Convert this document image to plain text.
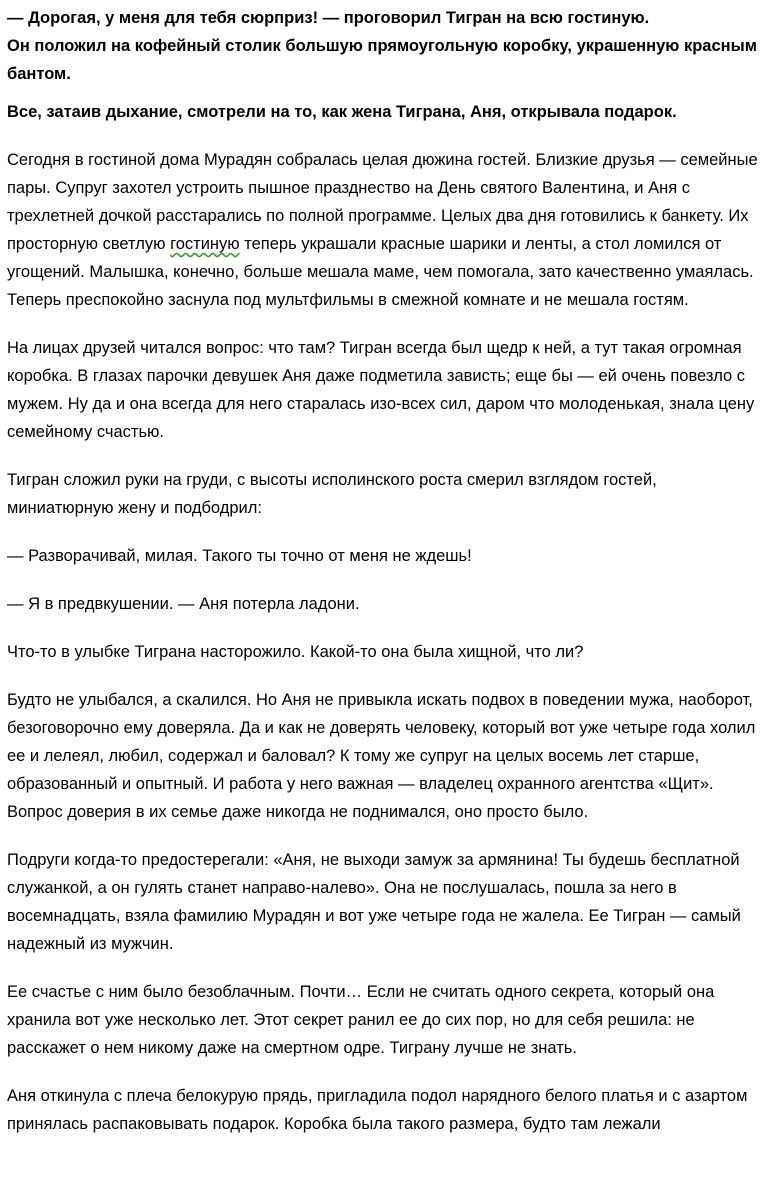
— Дорогая, у меня для тебя сюрприз! — проговорил Тигран на всю гостиную.

Он положил на кофейный столик большую прямоугольную коробку, украшенную красным бантом.

Все, затаив дыхание, смотрели на то, как жена Тиграна, Аня, открывала подарок.

Сегодня в гостиной дома Мурадян собралась целая дюжина гостей. Близкие друзья — семейные пары. Супруг захотел устроить пышное празднество на День святого Валентина, и Аня с трехлетней дочкой расстарались по полной программе. Целых два дня готовились к банкету. Их просторную светлую гостиную теперь украшали красные шарики и ленты, а стол ломился от угощений. Малышка, конечно, больше мешала маме, чем помогала, зато качественно умаялась. Теперь преспокойно заснула под мультфильмы в смежной комнате и не мешала гостям.

На лицах друзей читался вопрос: что там? Тигран всегда был щедр к ней, а тут такая огромная коробка. В глазах парочки девушек Аня даже подметила зависть; еще бы — ей очень повезло с мужем. Ну да и она всегда для него старалась изо-всех сил, даром что молоденькая, знала цену семейному счастью.

Тигран сложил руки на груди, с высоты исполинского роста смерил взглядом гостей, миниатюрную жену и подбодрил:

— Разворачивай, милая. Такого ты точно от меня не ждешь!

— Я в предвкушении. — Аня потерла ладони.

Что-то в улыбке Тиграна насторожило. Какой-то она была хищной, что ли?

Будто не улыбался, а скалился. Но Аня не привыкла искать подвох в поведении мужа, наоборот, безоговорочно ему доверяла. Да и как не доверять человеку, который вот уже четыре года холил ее и лелеял, любил, содержал и баловал? К тому же супруг на целых восемь лет старше, образованный и опытный. И работа у него важная — владелец охранного агентства «Щит». Вопрос доверия в их семье даже никогда не поднимался, оно просто было.

Подруги когда-то предостерегали: «Аня, не выходи замуж за армянина! Ты будешь бесплатной служанкой, а он гулять станет направо-налево». Она не послушалась, пошла за него в восемнадцать, взяла фамилию Мурадян и вот уже четыре года не жалела. Ее Тигран — самый надежный из мужчин.

Ее счастье с ним было безоблачным. Почти… Если не считать одного секрета, который она хранила вот уже несколько лет. Этот секрет ранил ее до сих пор, но для себя решила: не расскажет о нем никому даже на смертном одре. Тиграну лучше не знать.

Аня откинула с плеча белокурую прядь, пригладила подол нарядного белого платья и с азартом принялась распаковывать подарок. Коробка была такого размера, будто там лежали
